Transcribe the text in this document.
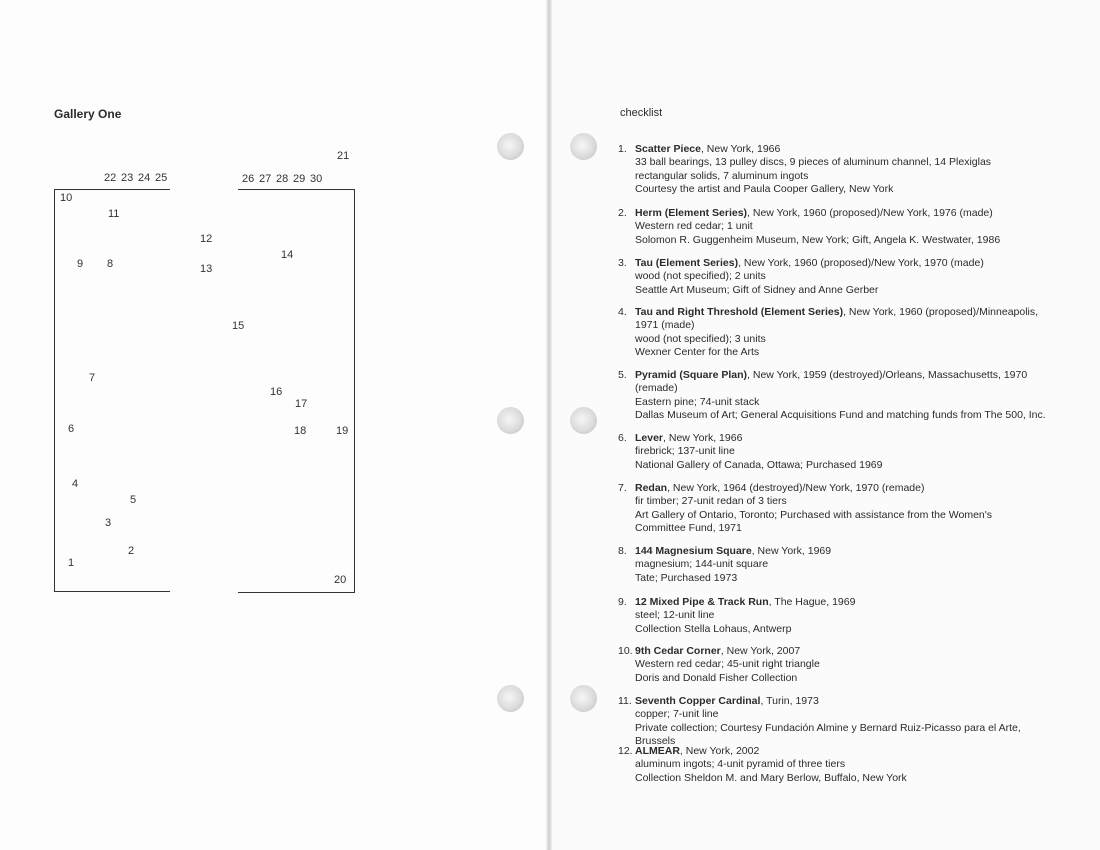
Gallery One
1
2
3
4
5
6
7
8
9
10
11
12
13
14
15
16
17
18	19
20
21
22 23 24 25	26 27 28 29 30
checklist
1. Scatter Piece, New York, 1966
33 ball bearings, 13 pulley discs, 9 pieces of aluminum channel, 14 Plexiglas
rectangular solids, 7 aluminum ingots
Courtesy the artist and Paula Cooper Gallery, New York
2. Herm (Element Series), New York, 1960 (proposed)/New York, 1976 (made)
Western red cedar; 1 unit
Solomon R. Guggenheim Museum, New York; Gift, Angela K. Westwater, 1986
3. Tau (Element Series), New York, 1960 (proposed)/New York, 1970 (made)
wood (not specified); 2 units
Seattle Art Museum; Gift of Sidney and Anne Gerber
4. Tau and Right Threshold (Element Series), New York, 1960 (proposed)/Minneapolis,
1971 (made)
wood (not specified); 3 units
Wexner Center for the Arts
5. Pyramid (Square Plan), New York, 1959 (destroyed)/Orleans, Massachusetts, 1970
(remade)
Eastern pine; 74-unit stack
Dallas Museum of Art; General Acquisitions Fund and matching funds from The 500, Inc.
6. Lever, New York, 1966
firebrick; 137-unit line
National Gallery of Canada, Ottawa; Purchased 1969
7. Redan, New York, 1964 (destroyed)/New York, 1970 (remade)
fir timber; 27-unit redan of 3 tiers
Art Gallery of Ontario, Toronto; Purchased with assistance from the Women's
Committee Fund, 1971
8. 144 Magnesium Square, New York, 1969
magnesium; 144-unit square
Tate; Purchased 1973
9. 12 Mixed Pipe & Track Run, The Hague, 1969
steel; 12-unit line
Collection Stella Lohaus, Antwerp
10. 9th Cedar Corner, New York, 2007
Western red cedar; 45-unit right triangle
Doris and Donald Fisher Collection
11. Seventh Copper Cardinal, Turin, 1973
copper; 7-unit line
Private collection; Courtesy Fundación Almine y Bernard Ruiz-Picasso para el Arte, Brussels
12. ALMEAR, New York, 2002
aluminum ingots; 4-unit pyramid of three tiers
Collection Sheldon M. and Mary Berlow, Buffalo, New York
